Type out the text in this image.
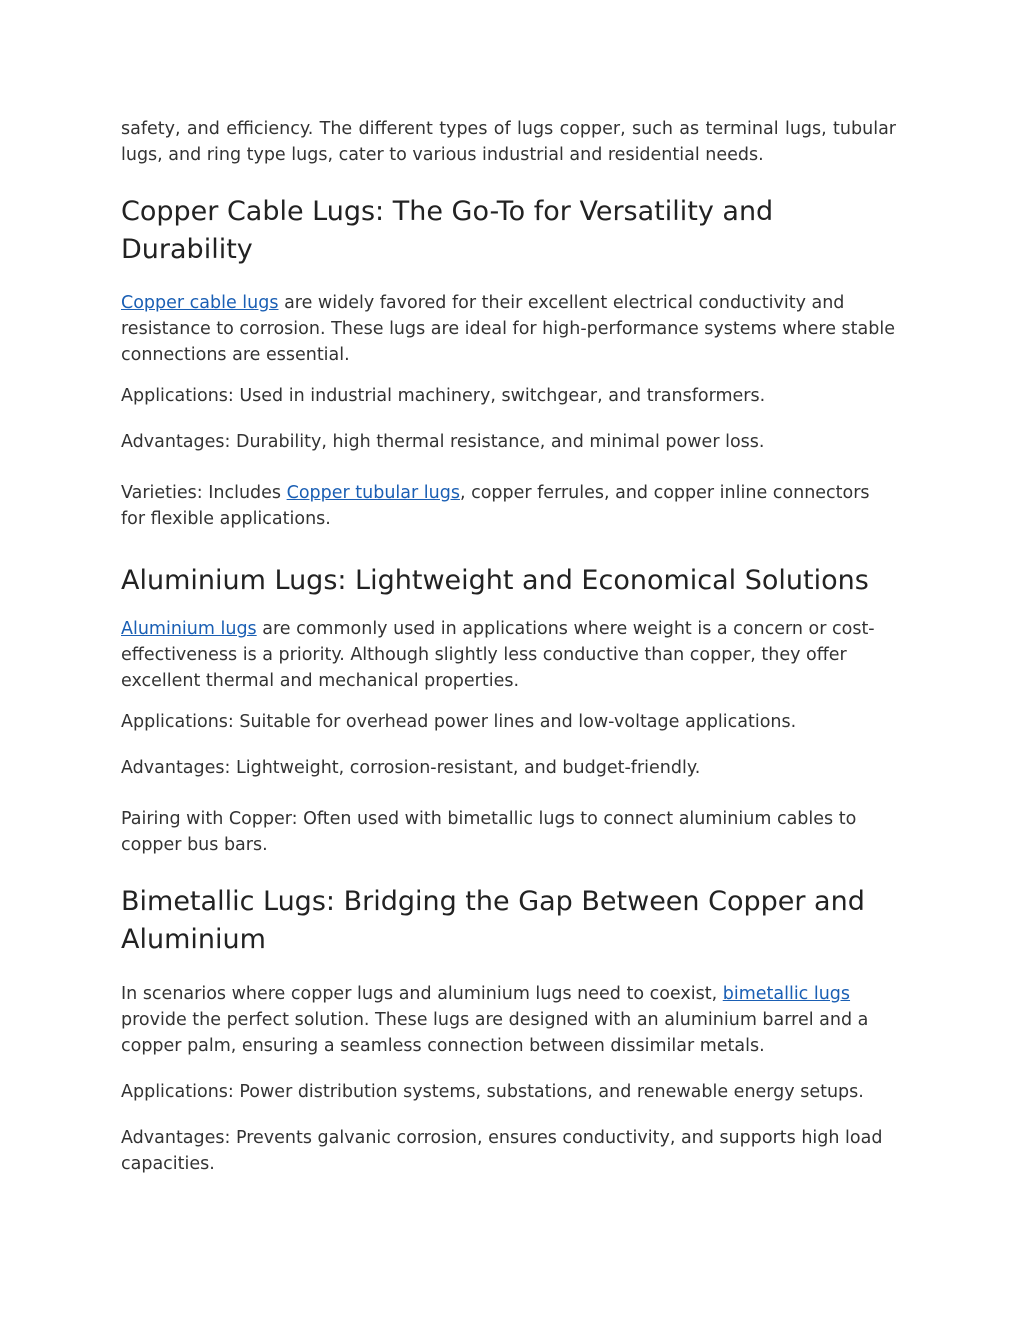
safety, and efficiency. The different types of lugs copper, such as terminal lugs, tubular lugs, and ring type lugs, cater to various industrial and residential needs.

Copper Cable Lugs: The Go-To for Versatility and Durability

Copper cable lugs are widely favored for their excellent electrical conductivity and resistance to corrosion. These lugs are ideal for high-performance systems where stable connections are essential.

Applications: Used in industrial machinery, switchgear, and transformers.

Advantages: Durability, high thermal resistance, and minimal power loss.

Varieties: Includes Copper tubular lugs, copper ferrules, and copper inline connectors for flexible applications.

Aluminium Lugs: Lightweight and Economical Solutions

Aluminium lugs are commonly used in applications where weight is a concern or cost-effectiveness is a priority. Although slightly less conductive than copper, they offer excellent thermal and mechanical properties.

Applications: Suitable for overhead power lines and low-voltage applications.

Advantages: Lightweight, corrosion-resistant, and budget-friendly.

Pairing with Copper: Often used with bimetallic lugs to connect aluminium cables to copper bus bars.

Bimetallic Lugs: Bridging the Gap Between Copper and Aluminium

In scenarios where copper lugs and aluminium lugs need to coexist, bimetallic lugs provide the perfect solution. These lugs are designed with an aluminium barrel and a copper palm, ensuring a seamless connection between dissimilar metals.

Applications: Power distribution systems, substations, and renewable energy setups.

Advantages: Prevents galvanic corrosion, ensures conductivity, and supports high load capacities.
